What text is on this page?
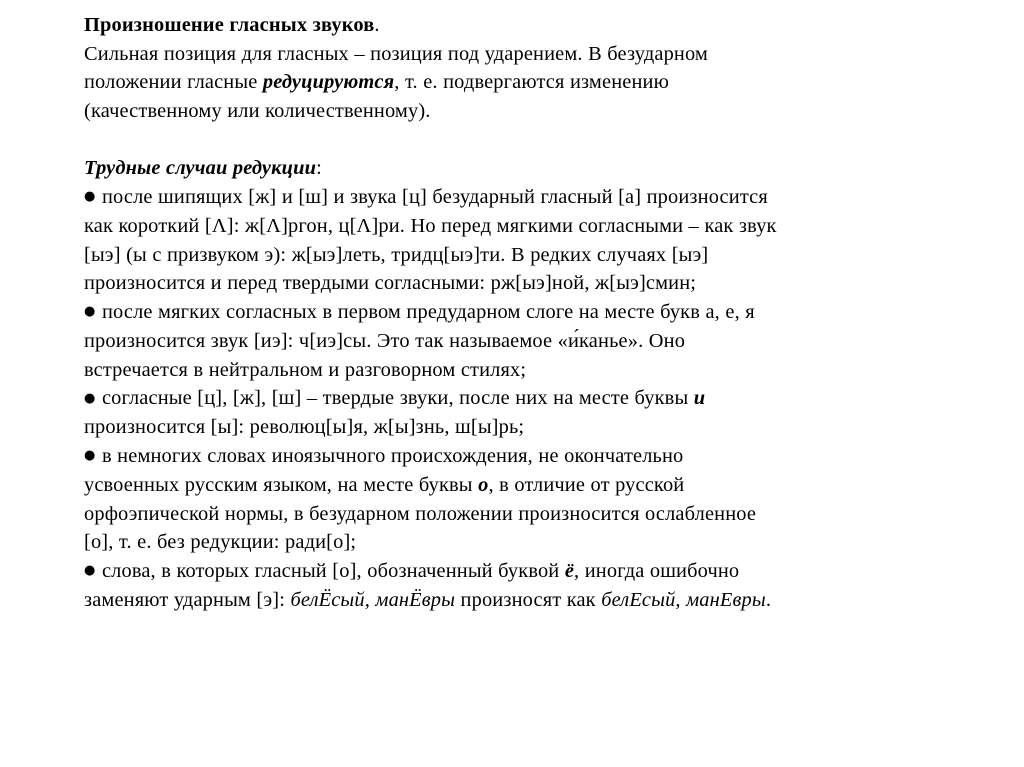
Произношение гласных звуков.
Сильная позиция для гласных – позиция под ударением. В безударном
положении гласные редуцируются, т. е. подвергаются изменению
(качественному или количественному).
Трудные случаи редукции:
● после шипящих [ж] и [ш] и звука [ц] безударный гласный [а] произносится
как короткий [Λ]: ж[Λ]ргон, ц[Λ]ри. Но перед мягкими согласными – как звук
[ыэ] (ы с призвуком э): ж[ыэ]леть, тридц[ыэ]ти. В редких случаях [ыэ]
произносится и перед твердыми согласными: рж[ыэ]ной, ж[ыэ]смин;
● после мягких согласных в первом предударном слоге на месте букв а, е, я
произносится звук [иэ]: ч[иэ]сы. Это так называемое «и́канье». Оно
встречается в нейтральном и разговорном стилях;
● согласные [ц], [ж], [ш] – твердые звуки, после них на месте буквы и
произносится [ы]: революц[ы]я, ж[ы]знь, ш[ы]рь;
● в немногих словах иноязычного происхождения, не окончательно
усвоенных русским языком, на месте буквы о, в отличие от русской
орфоэпической нормы, в безударном положении произносится ослабленное
[о], т. е. без редукции: ради[о];
● слова, в которых гласный [о], обозначенный буквой ё, иногда ошибочно
заменяют ударным [э]: белЁсый, манЁвры произносят как белЕсый, манЕвры.
